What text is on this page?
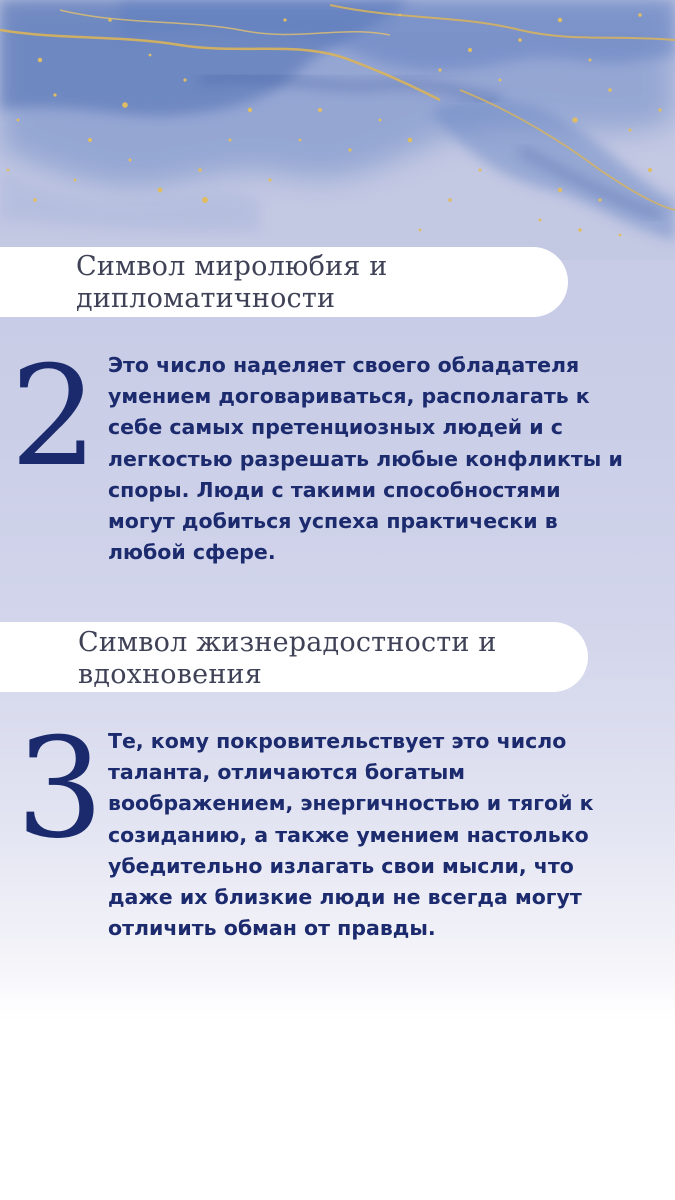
Символ миролюбия и
дипломатичности
2 Это число наделяет своего обладателя
умением договариваться, располагать к
себе самых претенциозных людей и с
легкостью разрешать любые конфликты и
споры. Люди с такими способностями
могут добиться успеха практически в
любой сфере.
Символ жизнерадостности и
вдохновения
3 Те, кому покровительствует это число
таланта, отличаются богатым
воображением, энергичностью и тягой к
созиданию, а также умением настолько
убедительно излагать свои мысли, что
даже их близкие люди не всегда могут
отличить обман от правды.
